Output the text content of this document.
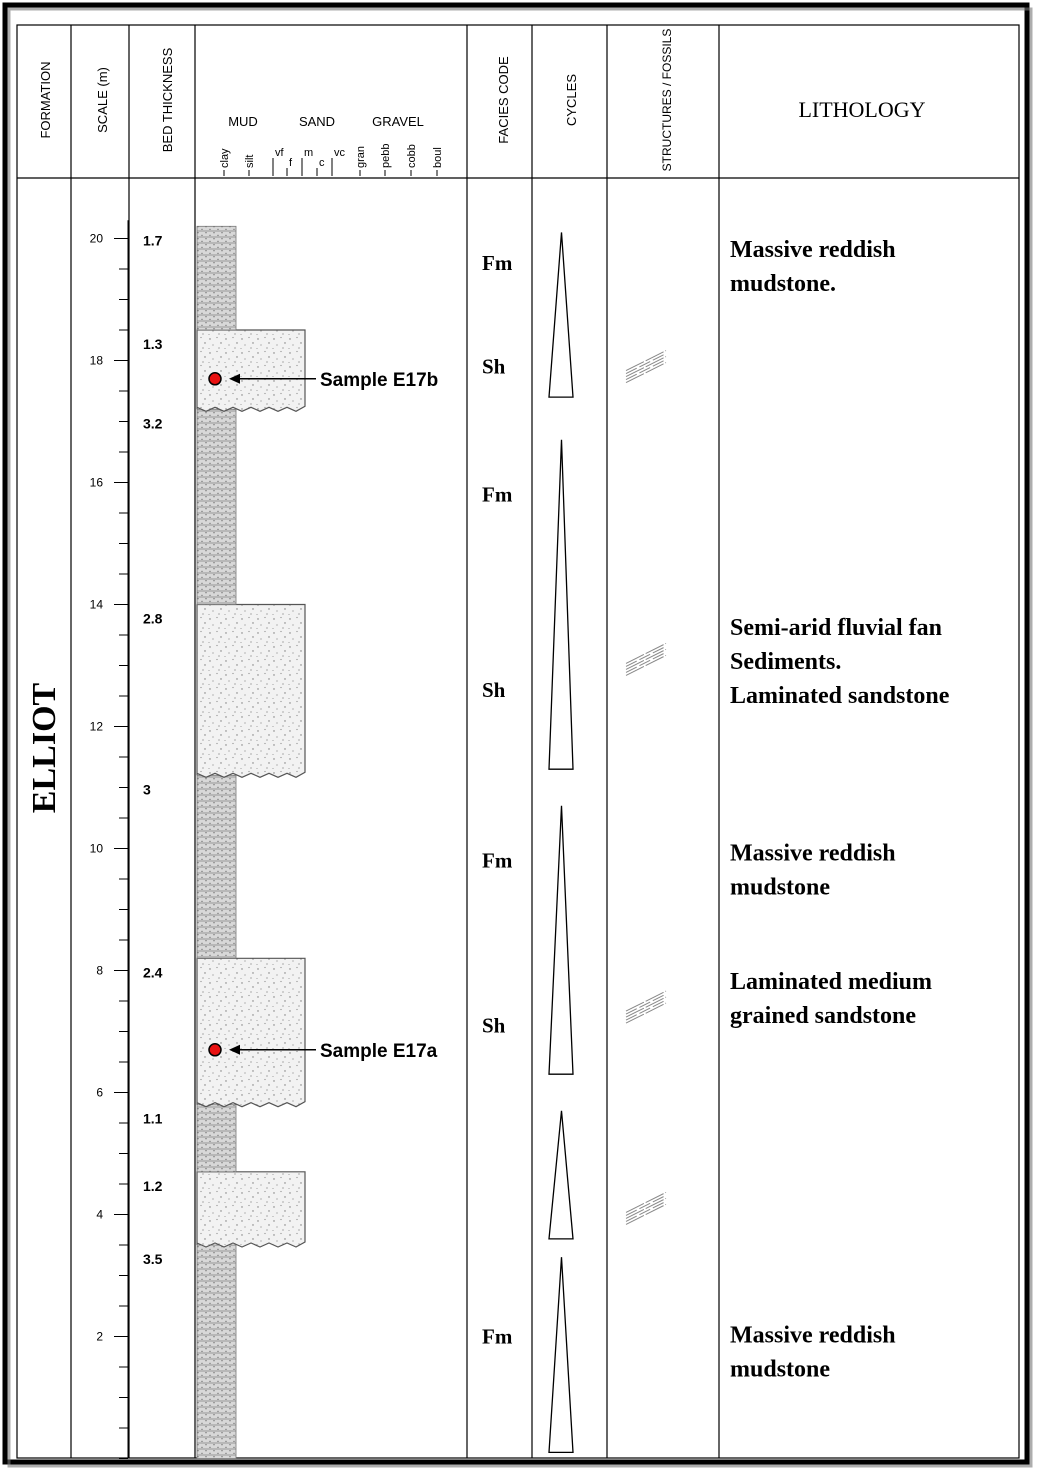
FORMATION	SCALE (m)	BED THICKNESS	FACIES CODE	CYCLES	STRUCTURES / FOSSILS	LITHOLOGY
MUD	SAND	GRAVEL
clay silt
vf
f
m
c
vc gran pebb cobb boul
ELLIOT
2
4
6
8
10
12
14
16
18
20
3.5
1.2
1.1
2.4
3
2.8
3.2
1.3
1.7
Sample E17b
Sample E17a
Fm
Sh
Fm
Sh
Fm
Sh
Fm
Massive reddish
mudstone.
Semi-arid fluvial fan
Sediments.
Laminated sandstone
Massive reddish
mudstone
Laminated medium
grained sandstone
Massive reddish
mudstone
